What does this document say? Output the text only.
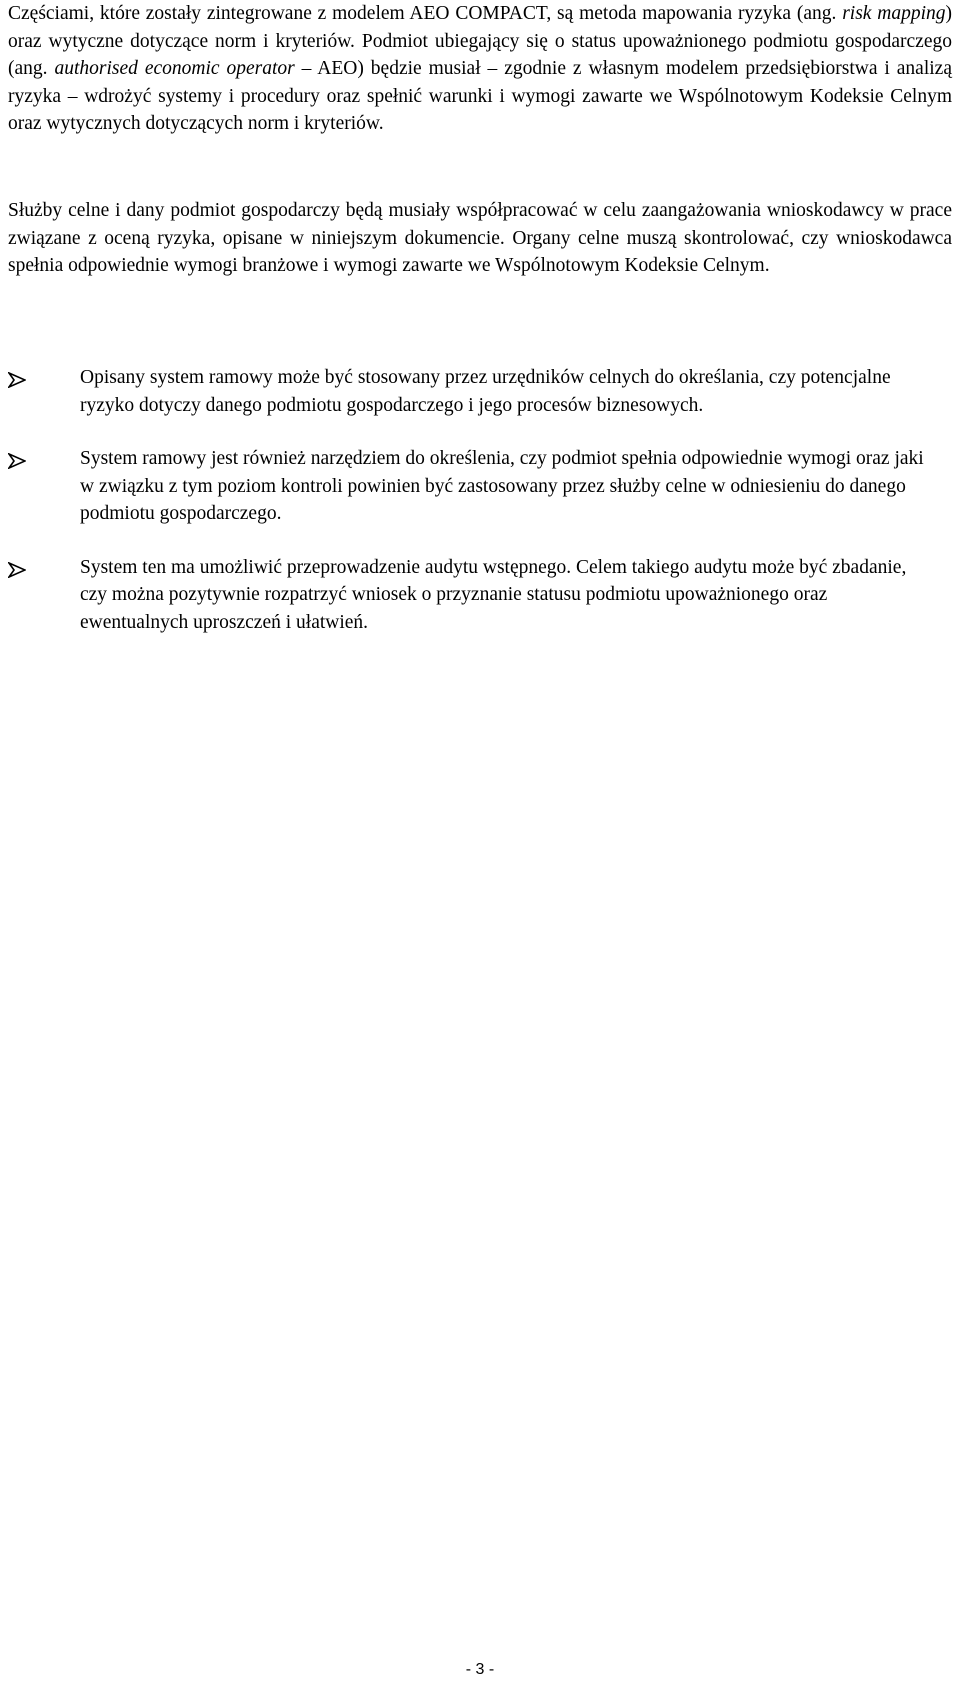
Częściami, które zostały zintegrowane z modelem AEO COMPACT, są metoda mapowania ryzyka (ang. risk mapping) oraz wytyczne dotyczące norm i kryteriów. Podmiot ubiegający się o status upoważnionego podmiotu gospodarczego (ang. authorised economic operator – AEO) będzie musiał – zgodnie z własnym modelem przedsiębiorstwa i analizą ryzyka – wdrożyć systemy i procedury oraz spełnić warunki i wymogi zawarte we Wspólnotowym Kodeksie Celnym oraz wytycznych dotyczących norm i kryteriów.

Służby celne i dany podmiot gospodarczy będą musiały współpracować w celu zaangażowania wnioskodawcy w prace związane z oceną ryzyka, opisane w niniejszym dokumencie. Organy celne muszą skontrolować, czy wnioskodawca spełnia odpowiednie wymogi branżowe i wymogi zawarte we Wspólnotowym Kodeksie Celnym.

Opisany system ramowy może być stosowany przez urzędników celnych do określania, czy potencjalne ryzyko dotyczy danego podmiotu gospodarczego i jego procesów biznesowych.
System ramowy jest również narzędziem do określenia, czy podmiot spełnia odpowiednie wymogi oraz jaki w związku z tym poziom kontroli powinien być zastosowany przez służby celne w odniesieniu do danego podmiotu gospodarczego.
System ten ma umożliwić przeprowadzenie audytu wstępnego. Celem takiego audytu może być zbadanie, czy można pozytywnie rozpatrzyć wniosek o przyznanie statusu podmiotu upoważnionego oraz ewentualnych uproszczeń i ułatwień.
- 3 -
